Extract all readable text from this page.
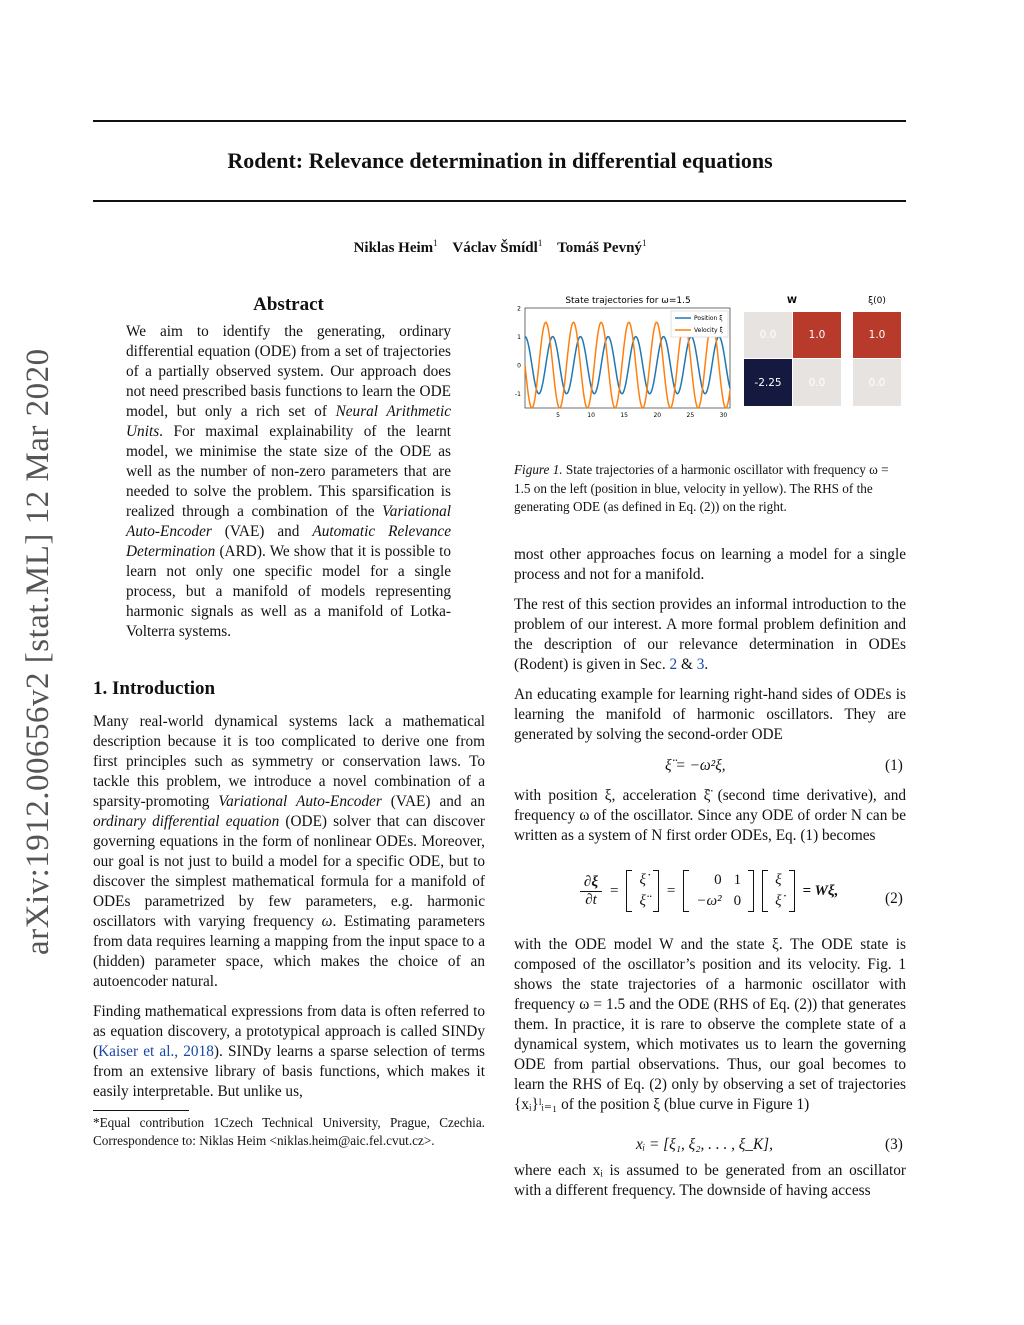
arXiv:1912.00656v2 [stat.ML] 12 Mar 2020
Rodent: Relevance determination in differential equations
Niklas Heim$^1$ Václav Šmídl$^1$ Tomáš Pevný$^1$
Abstract

We aim to identify the generating, ordinary differential equation (ODE) from a set of trajectories of a partially observed system. Our approach does not need prescribed basis functions to learn the ODE model, but only a rich set of Neural Arithmetic Units. For maximal explainability of the learnt model, we minimise the state size of the ODE as well as the number of non-zero parameters that are needed to solve the problem. This sparsification is realized through a combination of the Variational Auto-Encoder (VAE) and Automatic Relevance Determination (ARD). We show that it is possible to learn not only one specific model for a single process, but a manifold of models representing harmonic signals as well as a manifold of Lotka-Volterra systems.

1. Introduction

Many real-world dynamical systems lack a mathematical description because it is too complicated to derive one from first principles such as symmetry or conservation laws. To tackle this problem, we introduce a novel combination of a sparsity-promoting Variational Auto-Encoder (VAE) and an ordinary differential equation (ODE) solver that can discover governing equations in the form of nonlinear ODEs. Moreover, our goal is not just to build a model for a specific ODE, but to discover the simplest mathematical formula for a manifold of ODEs parametrized by few parameters, e.g. harmonic oscillators with varying frequency ω. Estimating parameters from data requires learning a mapping from the input space to a (hidden) parameter space, which makes the choice of an autoencoder natural.

Finding mathematical expressions from data is often referred to as equation discovery, a prototypical approach is called SINDy (Kaiser et al., 2018). SINDy learns a sparse selection of terms from an extensive library of basis functions, which makes it easily interpretable. But unlike us,

*Equal contribution 1Czech Technical University, Prague, Czechia. Correspondence to: Niklas Heim <niklas.heim@aic.fel.cvut.cz>.

State trajectories for ω=1.5
2
1
0
-1
5	10	15	20	25	30
Position ξ
Velocity ξ̇
W	ξ(0)
0.0	1.0
-2.25	0.0
1.0
0.0

Figure 1. State trajectories of a harmonic oscillator with frequency ω = 1.5 on the left (position in blue, velocity in yellow). The RHS of the generating ODE (as defined in Eq. (2)) on the right.

most other approaches focus on learning a model for a single process and not for a manifold.

The rest of this section provides an informal introduction to the problem of our interest. A more formal problem definition and the description of our relevance determination in ODEs (Rodent) is given in Sec. 2 & 3.

An educating example for learning right-hand sides of ODEs is learning the manifold of harmonic oscillators. They are generated by solving the second-order ODE

ξ̈ = −ω²ξ,	(1)

with position ξ, acceleration ξ̈ (second time derivative), and frequency ω of the oscillator. Since any ODE of order N can be written as a system of N first order ODEs, Eq. (1) becomes

∂ξ
∂t
=
ξ̇
ξ̈
=
0	1
−ω²	0
ξ
ξ̇
= Wξ,	(2)

with the ODE model W and the state ξ. The ODE state is composed of the oscillator’s position and its velocity. Fig. 1 shows the state trajectories of a harmonic oscillator with frequency ω = 1.5 and the ODE (RHS of Eq. (2)) that generates them. In practice, it is rare to observe the complete state of a dynamical system, which motivates us to learn the governing ODE from partial observations. Thus, our goal becomes to learn the RHS of Eq. (2) only by observing a set of trajectories {xᵢ}ˡᵢ₌₁ of the position ξ (blue curve in Figure 1)

xᵢ = [ξ₁, ξ₂, . . . , ξ_K],	(3)

where each xᵢ is assumed to be generated from an oscillator with a different frequency. The downside of having access
